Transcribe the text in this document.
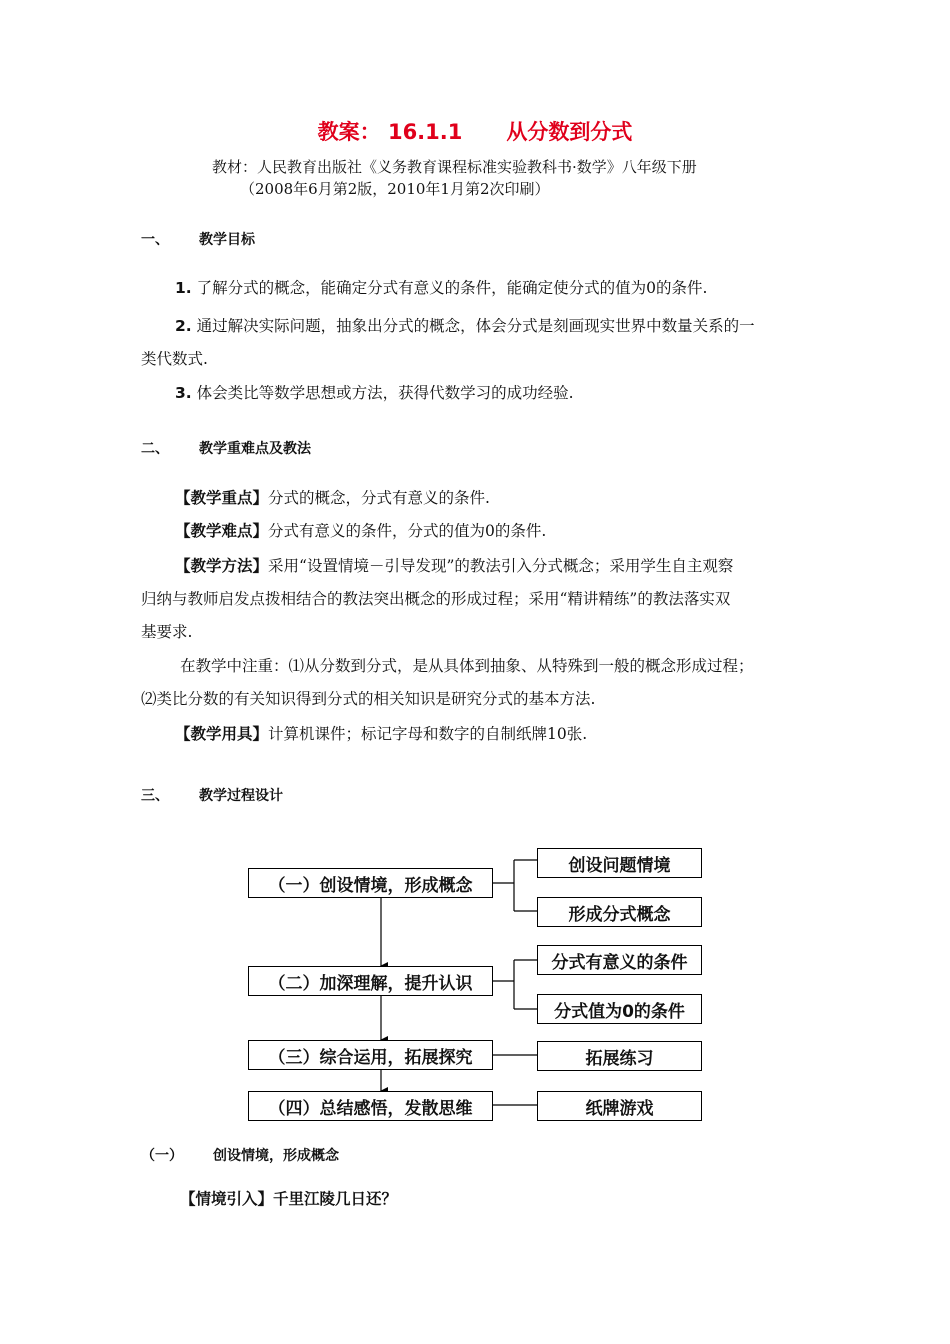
教案： 16.1.1 从分数到分式
教材：人民教育出版社《义务教育课程标准实验教科书·数学》八年级下册
（2008年6月第2版，2010年1月第2次印刷）
一、 教学目标
1. 了解分式的概念，能确定分式有意义的条件，能确定使分式的值为0的条件.
2. 通过解决实际问题，抽象出分式的概念，体会分式是刻画现实世界中数量关系的一
类代数式.
3. 体会类比等数学思想或方法，获得代数学习的成功经验.
二、 教学重难点及教法
【教学重点】分式的概念，分式有意义的条件.
【教学难点】分式有意义的条件，分式的值为0的条件.
【教学方法】采用“设置情境－引导发现”的教法引入分式概念；采用学生自主观察
归纳与教师启发点拨相结合的教法突出概念的形成过程；采用“精讲精练”的教法落实双
基要求.
在教学中注重：⑴从分数到分式，是从具体到抽象、从特殊到一般的概念形成过程；
⑵类比分数的有关知识得到分式的相关知识是研究分式的基本方法.
【教学用具】计算机课件；标记字母和数字的自制纸牌10张.
三、 教学过程设计
（一）创设情境，形成概念
（二）加深理解，提升认识
（三）综合运用，拓展探究
（四）总结感悟，发散思维
创设问题情境
形成分式概念
分式有意义的条件
分式值为0的条件
拓展练习
纸牌游戏
（一） 创设情境，形成概念
【情境引入】千里江陵几日还？
